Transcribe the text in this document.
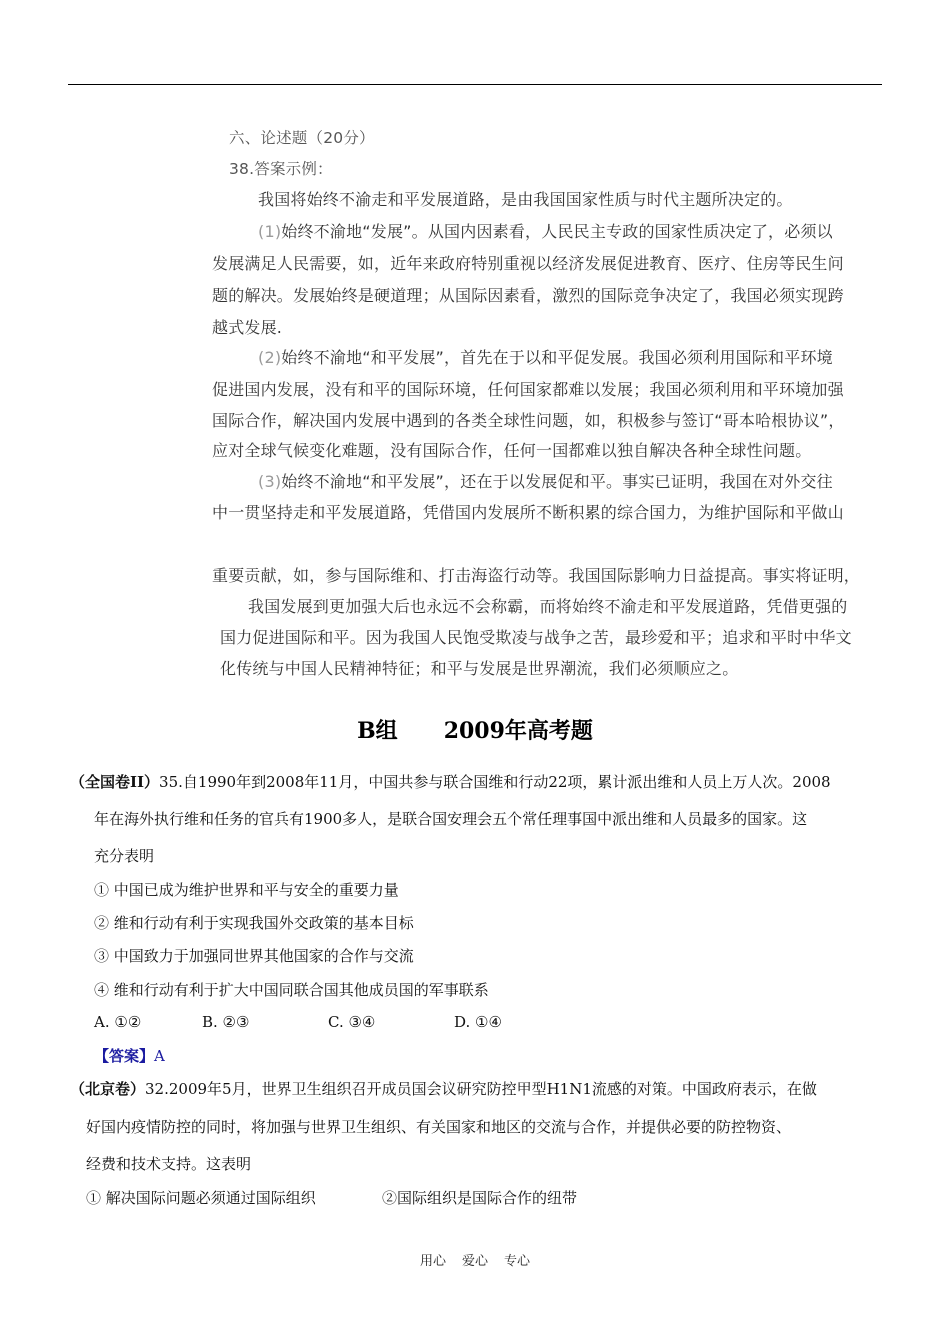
六、论述题（20分）
38.答案示例：
我国将始终不渝走和平发展道路，是由我国国家性质与时代主题所决定的。
(1)始终不渝地“发展”。从国内因素看，人民民主专政的国家性质决定了，必须以
发展满足人民需要，如，近年来政府特别重视以经济发展促进教育、医疗、住房等民生问
题的解决。发展始终是硬道理；从国际因素看，激烈的国际竞争决定了，我国必须实现跨
越式发展.
(2)始终不渝地“和平发展”，首先在于以和平促发展。我国必须利用国际和平环境
促进国内发展，没有和平的国际环境，任何国家都难以发展；我国必须利用和平环境加强
国际合作，解决国内发展中遇到的各类全球性问题，如，积极参与签订“哥本哈根协议”，
应对全球气候变化难题，没有国际合作，任何一国都难以独自解决各种全球性问题。
(3)始终不渝地“和平发展”，还在于以发展促和平。事实已证明，我国在对外交往
中一贯坚持走和平发展道路，凭借国内发展所不断积累的综合国力，为维护国际和平做山
重要贡献，如，参与国际维和、打击海盗行动等。我国国际影响力日益提高。事实将证明，
我国发展到更加强大后也永远不会称霸，而将始终不渝走和平发展道路，凭借更强的
国力促进国际和平。因为我国人民饱受欺凌与战争之苦，最珍爱和平；追求和平时中华文
化传统与中国人民精神特征；和平与发展是世界潮流，我们必须顺应之。
B组 2009年高考题
（全国卷II）35.自1990年到2008年11月，中国共参与联合国维和行动22项，累计派出维和人员上万人次。2008
年在海外执行维和任务的官兵有1900多人，是联合国安理会五个常任理事国中派出维和人员最多的国家。这
充分表明
① 中国已成为维护世界和平与安全的重要力量
② 维和行动有利于实现我国外交政策的基本目标
③ 中国致力于加强同世界其他国家的合作与交流
④ 维和行动有利于扩大中国同联合国其他成员国的军事联系
A. ①②	B. ②③	C. ③④	D. ①④
【答案】A
（北京卷）32.2009年5月，世界卫生组织召开成员国会议研究防控甲型H1N1流感的对策。中国政府表示，在做
好国内疫情防控的同时，将加强与世界卫生组织、有关国家和地区的交流与合作，并提供必要的防控物资、
经费和技术支持。这表明
① 解决国际问题必须通过国际组织	②国际组织是国际合作的纽带
用心 爱心 专心
